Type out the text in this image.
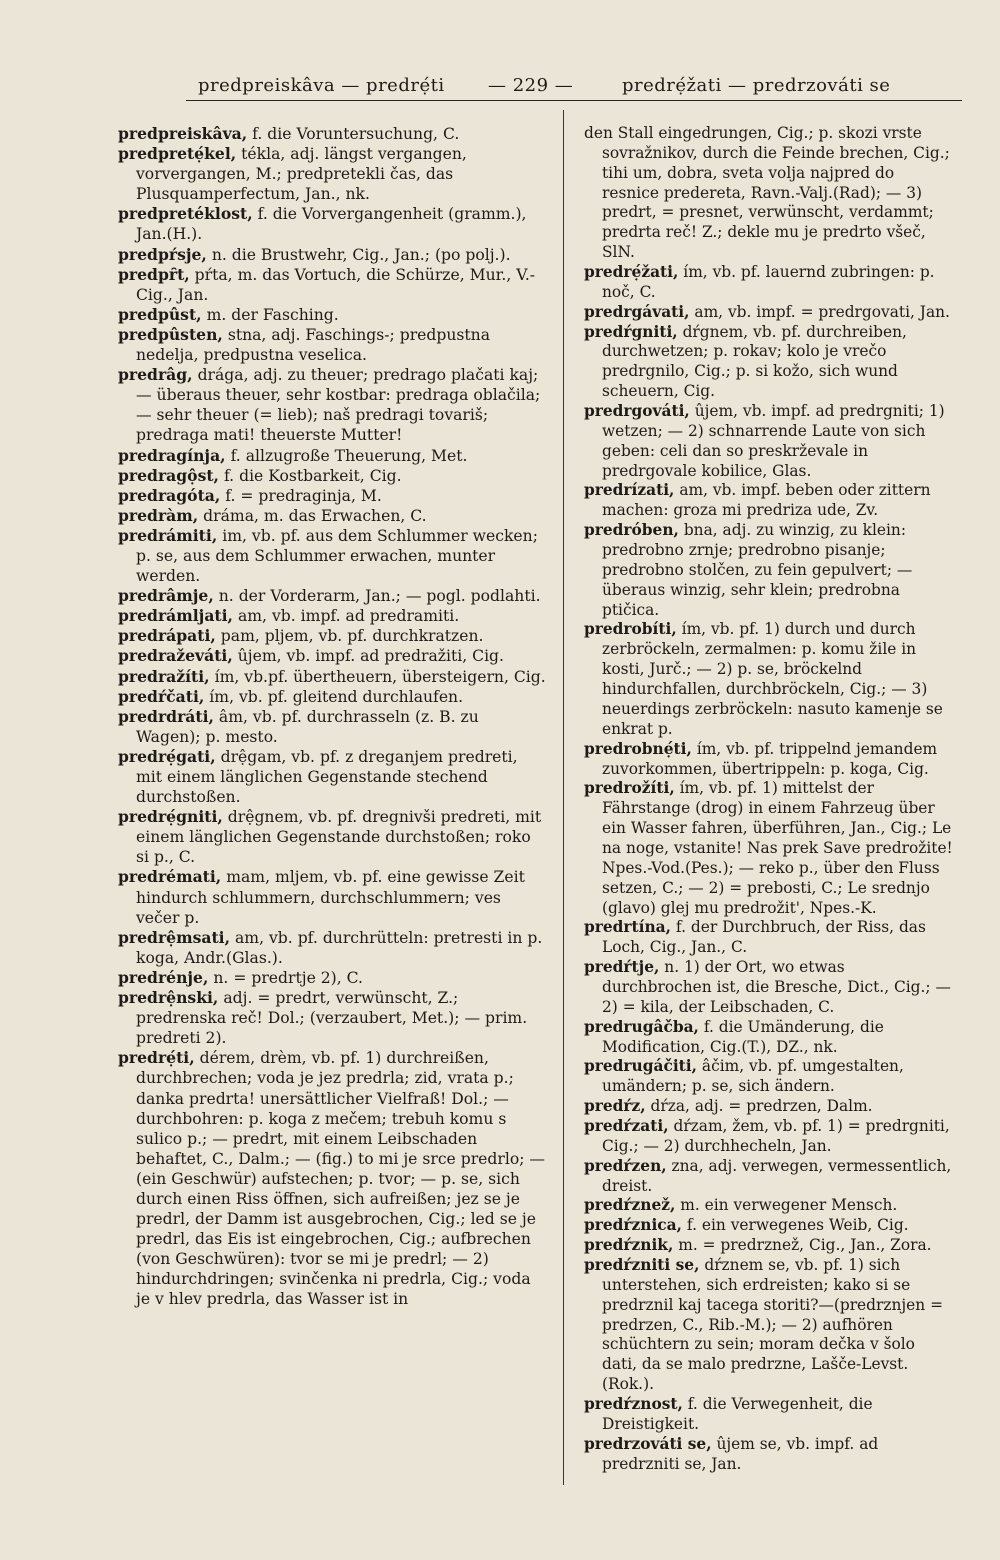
predpreiskâva — predrẹ́ti — 229 —	predrẹ́žati — predrzováti se

predpreiskâva, f. die Voruntersuchung, C.

predpretẹ́kel, tékla, adj. längst vergangen, vorvergangen, M.; predpretekli čas, das Plusquamperfectum, Jan., nk.

predpretéklost, f. die Vorvergangenheit (gramm.), Jan.(H.).

predpŕsje, n. die Brustwehr, Cig., Jan.; (po polj.).

predpȓt, pŕta, m. das Vortuch, die Schürze, Mur., V.-Cig., Jan.

predpûst, m. der Fasching.

predpûsten, stna, adj. Faschings-; predpustna nedelja, predpustna veselica.

predrâg, drága, adj. zu theuer; predrago plačati kaj; — überaus theuer, sehr kostbar: predraga oblačila; — sehr theuer (= lieb); naš predragi tovariš; predraga mati! theuerste Mutter!

predragínja, f. allzugroße Theuerung, Met.

predragộst, f. die Kostbarkeit, Cig.

predragóta, f. = predraginja, M.

predràm, dráma, m. das Erwachen, C.

predrámiti, im, vb. pf. aus dem Schlummer wecken; p. se, aus dem Schlummer erwachen, munter werden.

predrâmje, n. der Vorderarm, Jan.; — pogl. podlahti.

predrámljati, am, vb. impf. ad predramiti.

predrápati, pam, pljem, vb. pf. durchkratzen.

predraževáti, ûjem, vb. impf. ad predražiti, Cig.

predražíti, ím, vb.pf. übertheuern, übersteigern, Cig.

predŕčati, ím, vb. pf. gleitend durchlaufen.

predrdráti, âm, vb. pf. durchrasseln (z. B. zu Wagen); p. mesto.

predrẹ́gati, drệgam, vb. pf. z dreganjem predreti, mit einem länglichen Gegenstande stechend durchstoßen.

predrẹ́gniti, drệgnem, vb. pf. dregnivši predreti, mit einem länglichen Gegenstande durchstoßen; roko si p., C.

predrémati, mam, mljem, vb. pf. eine gewisse Zeit hindurch schlummern, durchschlummern; ves večer p.

predrệmsati, am, vb. pf. durchrütteln: pretresti in p. koga, Andr.(Glas.).

predrénje, n. = predrtje 2), C.

predrệnski, adj. = predrt, verwünscht, Z.; predrenska reč! Dol.; (verzaubert, Met.); — prim. predreti 2).

predrẹ́ti, dérem, drèm, vb. pf. 1) durchreißen, durchbrechen; voda je jez predrla; zid, vrata p.; danka predrta! unersättlicher Vielfraß! Dol.; — durchbohren: p. koga z mečem; trebuh komu s sulico p.; — predrt, mit einem Leibschaden behaftet, C., Dalm.; — (fig.) to mi je srce predrlo; —(ein Geschwür) aufstechen; p. tvor; — p. se, sich durch einen Riss öffnen, sich aufreißen; jez se je predrl, der Damm ist ausgebrochen, Cig.; led se je predrl, das Eis ist eingebrochen, Cig.; aufbrechen (von Geschwüren): tvor se mi je predrl; — 2) hindurchdringen; svinčenka ni predrla, Cig.; voda je v hlev predrla, das Wasser ist in

den Stall eingedrungen, Cig.; p. skozi vrste sovražnikov, durch die Feinde brechen, Cig.; tihi um, dobra, sveta volja najpred do resnice predereta, Ravn.-Valj.(Rad); — 3) predrt, = presnet, verwünscht, verdammt; predrta reč! Z.; dekle mu je predrto všeč, SlN.

predrẹ́žati, ím, vb. pf. lauernd zubringen: p. noč, C.

predrgávati, am, vb. impf. = predrgovati, Jan.

predŕgniti, dŕgnem, vb. pf. durchreiben, durchwetzen; p. rokav; kolo je vrečo predrgnilo, Cig.; p. si kožo, sich wund scheuern, Cig.

predrgováti, ûjem, vb. impf. ad predrgniti; 1) wetzen; — 2) schnarrende Laute von sich geben: celi dan so preskrževale in predrgovale kobilice, Glas.

predrízati, am, vb. impf. beben oder zittern machen: groza mi predriza ude, Zv.

predróben, bna, adj. zu winzig, zu klein: predrobno zrnje; predrobno pisanje; predrobno stolčen, zu fein gepulvert; — überaus winzig, sehr klein; predrobna ptičica.

predrobíti, ím, vb. pf. 1) durch und durch zerbröckeln, zermalmen: p. komu žile in kosti, Jurč.; — 2) p. se, bröckelnd hindurchfallen, durchbröckeln, Cig.; — 3) neuerdings zerbröckeln: nasuto kamenje se enkrat p.

predrobnẹ́ti, ím, vb. pf. trippelnd jemandem zuvorkommen, übertrippeln: p. koga, Cig.

predrožíti, ím, vb. pf. 1) mittelst der Fährstange (drog) in einem Fahrzeug über ein Wasser fahren, überführen, Jan., Cig.; Le na noge, vstanite! Nas prek Save predrožite! Npes.-Vod.(Pes.); — reko p., über den Fluss setzen, C.; — 2) = prebosti, C.; Le srednjo (glavo) glej mu predrožit', Npes.-K.

predrtína, f. der Durchbruch, der Riss, das Loch, Cig., Jan., C.

predŕtje, n. 1) der Ort, wo etwas durchbrochen ist, die Bresche, Dict., Cig.; — 2) = kila, der Leibschaden, C.

predrugâčba, f. die Umänderung, die Modification, Cig.(T.), DZ., nk.

predrugáčiti, âčim, vb. pf. umgestalten, umändern; p. se, sich ändern.

predŕz, dŕza, adj. = predrzen, Dalm.

predŕzati, dŕzam, žem, vb. pf. 1) = predrgniti, Cig.; — 2) durchhecheln, Jan.

predŕzen, zna, adj. verwegen, vermessentlich, dreist.

predŕznež, m. ein verwegener Mensch.

predŕznica, f. ein verwegenes Weib, Cig.

predŕznik, m. = predrznež, Cig., Jan., Zora.

predŕzniti se, dŕznem se, vb. pf. 1) sich unterstehen, sich erdreisten; kako si se predrznil kaj tacega storiti?—(predrznjen = predrzen, C., Rib.-M.); — 2) aufhören schüchtern zu sein; moram dečka v šolo dati, da se malo predrzne, Lašče-Levst.(Rok.).

predŕznost, f. die Verwegenheit, die Dreistigkeit.

predrzováti se, ûjem se, vb. impf. ad predrzniti se, Jan.
